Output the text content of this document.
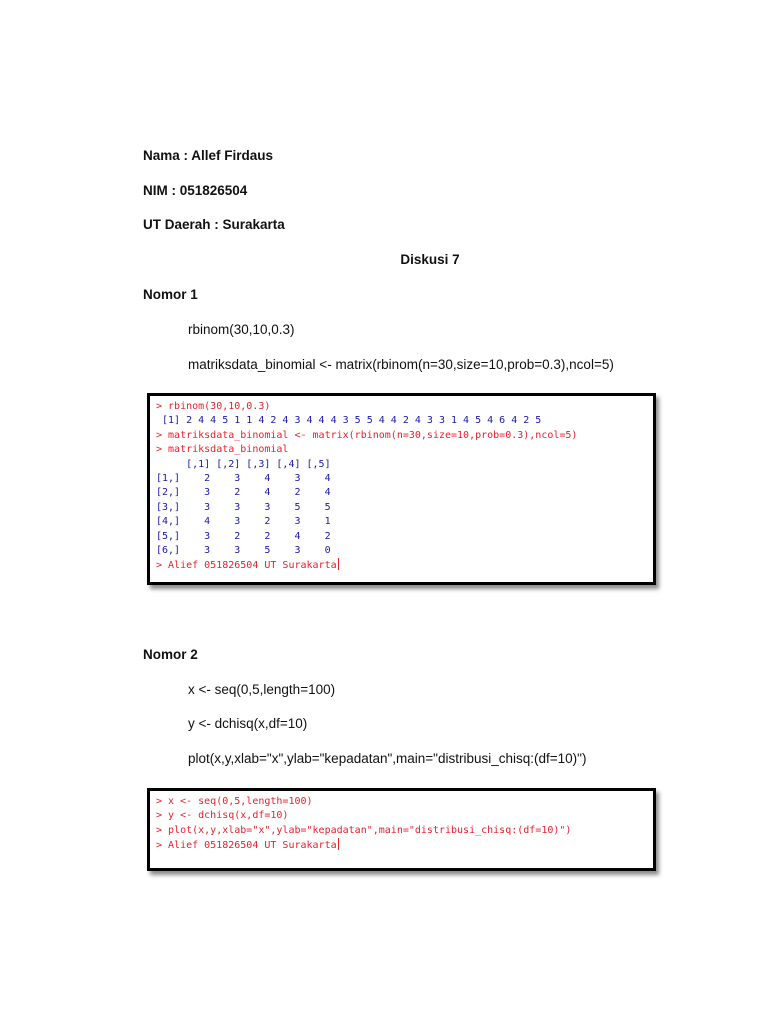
Nama : Allef Firdaus
NIM : 051826504
UT Daerah : Surakarta
Diskusi 7
Nomor 1
rbinom(30,10,0.3)
matriksdata_binomial <- matrix(rbinom(n=30,size=10,prob=0.3),ncol=5)
> rbinom(30,10,0.3)
[1] 2 4 4 5 1 1 4 2 4 3 4 4 4 3 5 5 4 4 2 4 3 3 1 4 5 4 6 4 2 5
> matriksdata_binomial <- matrix(rbinom(n=30,size=10,prob=0.3),ncol=5)
> matriksdata_binomial
[,1] [,2] [,3] [,4] [,5]
[1,]    2    3    4    3    4
[2,]    3    2    4    2    4
[3,]    3    3    3    5    5
[4,]    4    3    2    3    1
[5,]    3    2    2    4    2
[6,]    3    3    5    3    0
> Alief 051826504 UT Surakarta
Nomor 2
x <- seq(0,5,length=100)
y <- dchisq(x,df=10)
plot(x,y,xlab="x",ylab="kepadatan",main="distribusi_chisq:(df=10)")
> x <- seq(0,5,length=100)
> y <- dchisq(x,df=10)
> plot(x,y,xlab="x",ylab="kepadatan",main="distribusi_chisq:(df=10)")
> Alief 051826504 UT Surakarta
